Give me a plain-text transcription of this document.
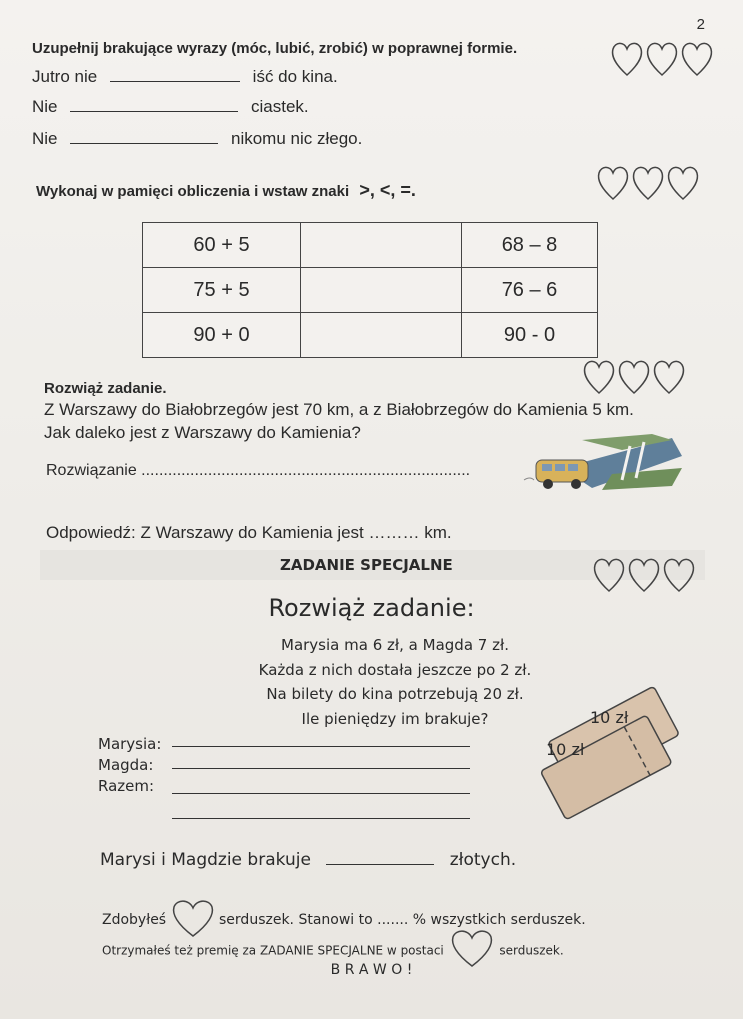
2
Uzupełnij brakujące wyrazy (móc, lubić, zrobić) w poprawnej formie.
Jutro nie	iść do kina.
Nie	ciastek.
Nie	nikomu nic złego.
Wykonaj w pamięci obliczenia i wstaw znaki >, <, =.
60 + 5		68 – 8
75 + 5		76 – 6
90 + 0		90 - 0
Rozwiąż zadanie.
Z Warszawy do Białobrzegów jest 70 km, a z Białobrzegów do Kamienia 5 km.
Jak daleko jest z Warszawy do Kamienia?
Rozwiązanie ..........................................................................
Odpowiedź: Z Warszawy do Kamienia jest ……… km.
ZADANIE SPECJALNE
Rozwiąż zadanie:
Marysia ma 6 zł, a Magda 7 zł.
Każda z nich dostała jeszcze po 2 zł.
Na bilety do kina potrzebują 20 zł.
Ile pieniędzy im brakuje?
Marysia:
Magda:
Razem:
10 zł
10 zł
Marysi i Magdzie brakuje	złotych.
Zdobyłeś	serduszek. Stanowi to ....... % wszystkich serduszek.
Otrzymałeś też premię za ZADANIE SPECJALNE w postaci	serduszek.
B R A W O !
